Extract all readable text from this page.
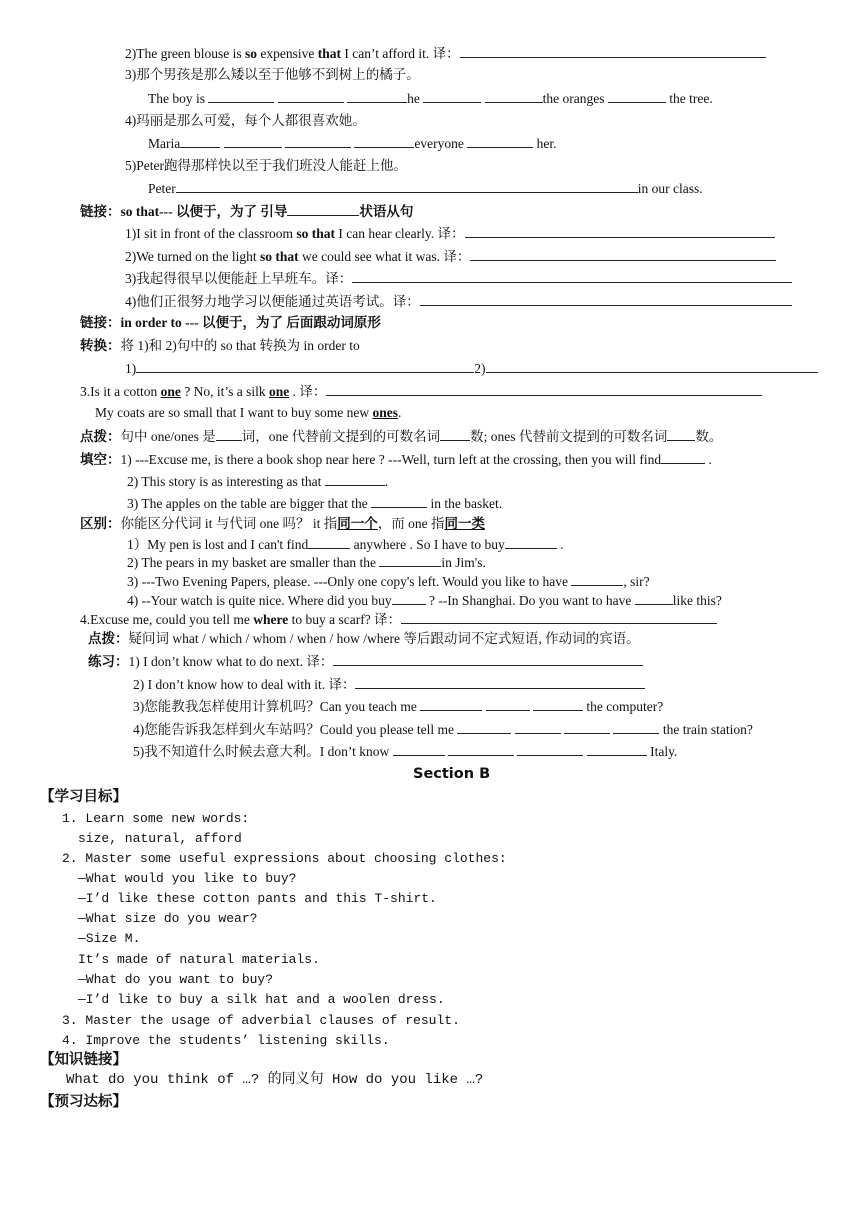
2)The green blouse is so expensive that I can’t afford it. 译：
3)那个男孩是那么矮以至于他够不到树上的橘子。
The boy is	he	the oranges	the tree.
4)玛丽是那么可爱，每个人都很喜欢她。
Maria	everyone	her.
5)Peter跑得那样快以至于我们班没人能赶上他。
Peter	in our class.
链接：so that--- 以便于，为了 引导	状语从句
1)I sit in front of the classroom so that I can hear clearly. 译：
2)We turned on the light so that we could see what it was. 译：
3)我起得很早以便能赶上早班车。译：
4)他们正很努力地学习以便能通过英语考试。译：
链接：in order to --- 以便于，为了 后面跟动词原形
转换：将 1)和 2)句中的 so that 转换为 in order to
1)	2)
3.Is it a cotton one ? No, it’s a silk one . 译：
My coats are so small that I want to buy some new ones.
点拨：句中 one/ones 是 词，one 代替前文提到的可数名词 数; ones 代替前文提到的可数名词 数。
填空：1) ---Excuse me, is there a book shop near here ? ---Well, turn left at the crossing, then you will find	.
2) This story is as interesting as that	.
3) The apples on the table are bigger that the	in the basket.
区别：你能区分代词 it 与代词 one 吗？ it 指同一个，而 one 指同一类
1）My pen is lost and I can't find	anywhere . So I have to buy	.
2) The pears in my basket are smaller than the	in Jim's.
3) ---Two Evening Papers, please. ---Only one copy's left. Would you like to have	, sir?
4) --Your watch is quite nice. Where did you buy	? --In Shanghai. Do you want to have	like this?
4.Excuse me, could you tell me where to buy a scarf? 译：
点拨：疑问词 what / which / whom / when / how /where 等后跟动词不定式短语, 作动词的宾语。
练习：1) I don’t know what to do next. 译：
2) I don’t know how to deal with it. 译：
3)您能教我怎样使用计算机吗？Can you teach me	the computer?
4)您能告诉我怎样到火车站吗？Could you please tell me	the train station?
5)我不知道什么时候去意大利。I don’t know	Italy.
Section B
【学习目标】
1. Learn some new words:
size, natural, afford
2. Master some useful expressions about choosing clothes:
—What would you like to buy?
—I’d like these cotton pants and this T-shirt.
—What size do you wear?
—Size M.
It’s made of natural materials.
—What do you want to buy?
—I’d like to buy a silk hat and a woolen dress.
3. Master the usage of adverbial clauses of result.
4. Improve the students’ listening skills.
【知识链接】
What do you think of …? 的同义句 How do you like …?
【预习达标】
